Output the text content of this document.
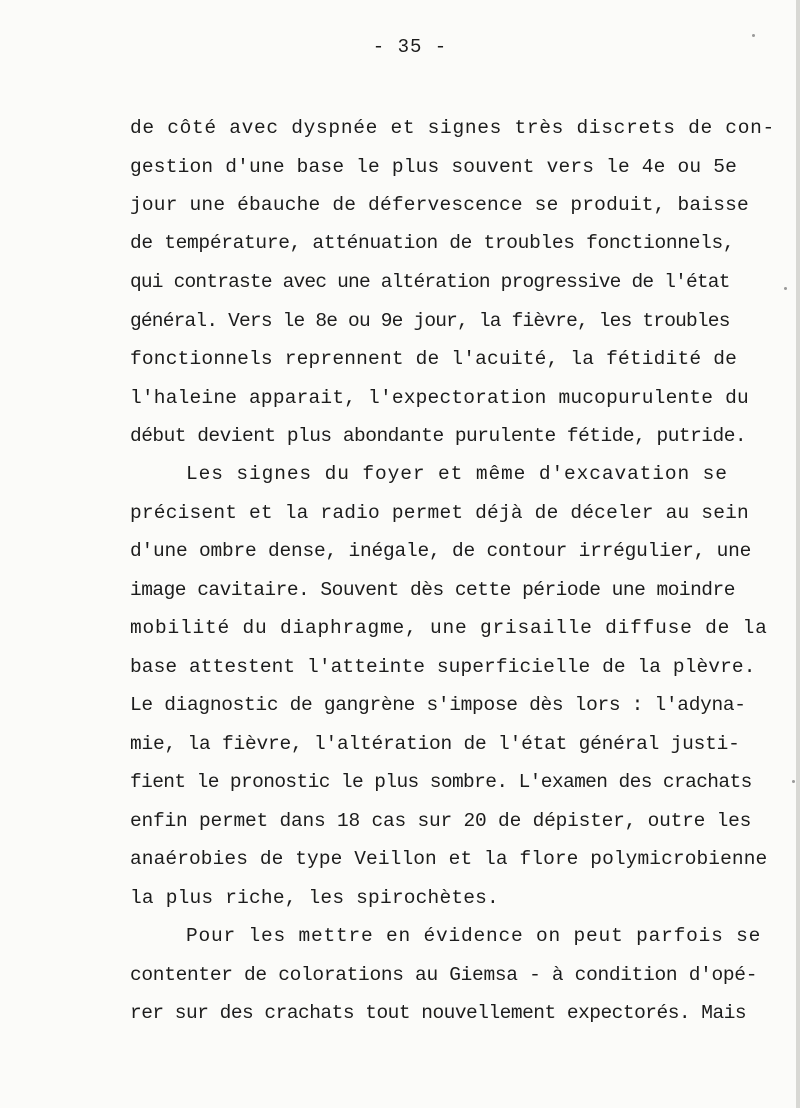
- 35 -
de côté avec dyspnée et signes très discrets de con-
gestion d'une base le plus souvent vers le 4e ou 5e
jour une ébauche de défervescence se produit, baisse
de température, atténuation de troubles fonctionnels,
qui contraste avec une altération progressive de l'état
général. Vers le 8e ou 9e jour, la fièvre, les troubles
fonctionnels reprennent de l'acuité, la fétidité de
l'haleine apparait, l'expectoration mucopurulente du
début devient plus abondante purulente fétide, putride.
Les signes du foyer et même d'excavation se
précisent et la radio permet déjà de déceler au sein
d'une ombre dense, inégale, de contour irrégulier, une
image cavitaire. Souvent dès cette période une moindre
mobilité du diaphragme, une grisaille diffuse de la
base attestent l'atteinte superficielle de la plèvre.
Le diagnostic de gangrène s'impose dès lors : l'adyna-
mie, la fièvre, l'altération de l'état général justi-
fient le pronostic le plus sombre. L'examen des crachats
enfin permet dans 18 cas sur 20 de dépister, outre les
anaérobies de type Veillon et la flore polymicrobienne
la plus riche, les spirochètes.
Pour les mettre en évidence on peut parfois se
contenter de colorations au Giemsa - à condition d'opé-
rer sur des crachats tout nouvellement expectorés. Mais
